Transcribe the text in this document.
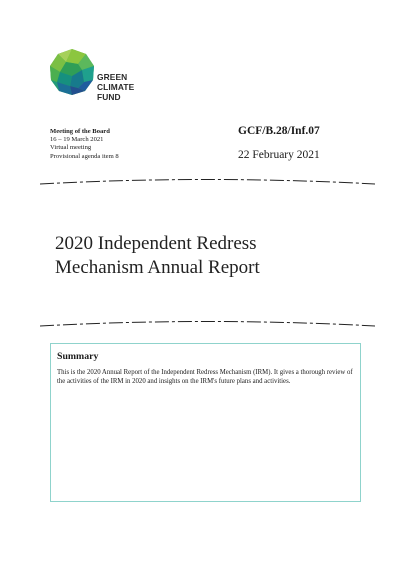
GREEN
CLIMATE
FUND
Meeting of the Board
16 – 19 March 2021
Virtual meeting
Provisional agenda item 8
GCF/B.28/Inf.07
22 February 2021
2020 Independent Redress
Mechanism Annual Report
Summary
This is the 2020 Annual Report of the Independent Redress Mechanism (IRM). It gives a thorough review of the activities of the IRM in 2020 and insights on the IRM's future plans and activities.
